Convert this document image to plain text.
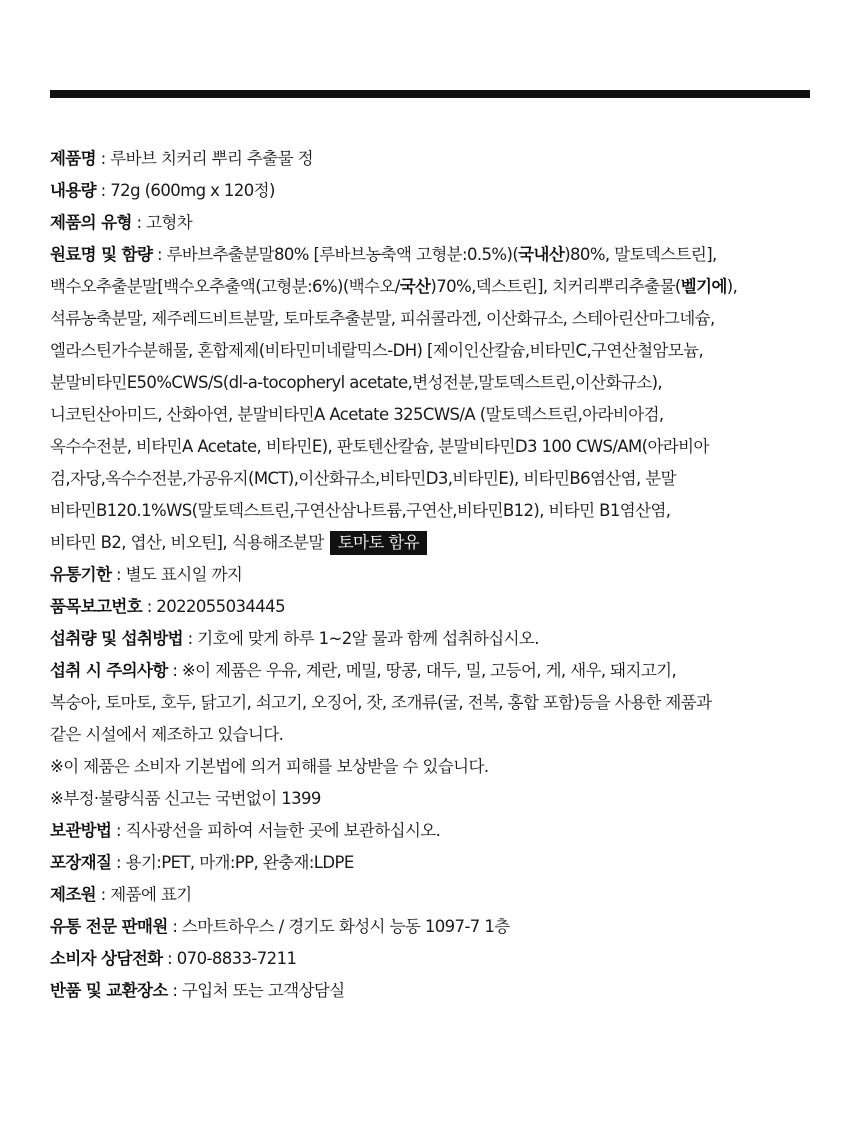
제품명 : 루바브 치커리 뿌리 추출물 정
내용량 : 72g (600mg x 120정)
제품의 유형 : 고형차
원료명 및 함량 : 루바브추출분말80% [루바브농축액 고형분:0.5%)(국내산)80%, 말토덱스트린],
백수오추출분말[백수오추출액(고형분:6%)(백수오/국산)70%,덱스트린], 치커리뿌리추출물(벨기에),
석류농축분말, 제주레드비트분말, 토마토추출분말, 피쉬콜라겐, 이산화규소, 스테아린산마그네슘,
엘라스틴가수분해물, 혼합제제(비타민미네랄믹스-DH) [제이인산칼슘,비타민C,구연산철암모늄,
분말비타민E50%CWS/S(dl-a-tocopheryl acetate,변성전분,말토덱스트린,이산화규소),
니코틴산아미드, 산화아연, 분말비타민A Acetate 325CWS/A (말토덱스트린,아라비아검,
옥수수전분, 비타민A Acetate, 비타민E), 판토텐산칼슘, 분말비타민D3 100 CWS/AM(아라비아
검,자당,옥수수전분,가공유지(MCT),이산화규소,비타민D3,비타민E), 비타민B6염산염, 분말
비타민B120.1%WS(말토덱스트린,구연산삼나트륨,구연산,비타민B12), 비타민 B1염산염,
비타민 B2, 엽산, 비오틴], 식용해조분말 토마토 함유
유통기한 : 별도 표시일 까지
품목보고번호 : 2022055034445
섭취량 및 섭취방법 : 기호에 맞게 하루 1~2알 물과 함께 섭취하십시오.
섭취 시 주의사항 : ※이 제품은 우유, 계란, 메밀, 땅콩, 대두, 밀, 고등어, 게, 새우, 돼지고기,
복숭아, 토마토, 호두, 닭고기, 쇠고기, 오징어, 잣, 조개류(굴, 전복, 홍합 포함)등을 사용한 제품과
같은 시설에서 제조하고 있습니다.
※이 제품은 소비자 기본법에 의거 피해를 보상받을 수 있습니다.
※부정·불량식품 신고는 국번없이 1399
보관방법 : 직사광선을 피하여 서늘한 곳에 보관하십시오.
포장재질 : 용기:PET, 마개:PP, 완충재:LDPE
제조원 : 제품에 표기
유통 전문 판매원 : 스마트하우스 / 경기도 화성시 능동 1097-7 1층
소비자 상담전화 : 070-8833-7211
반품 및 교환장소 : 구입처 또는 고객상담실
